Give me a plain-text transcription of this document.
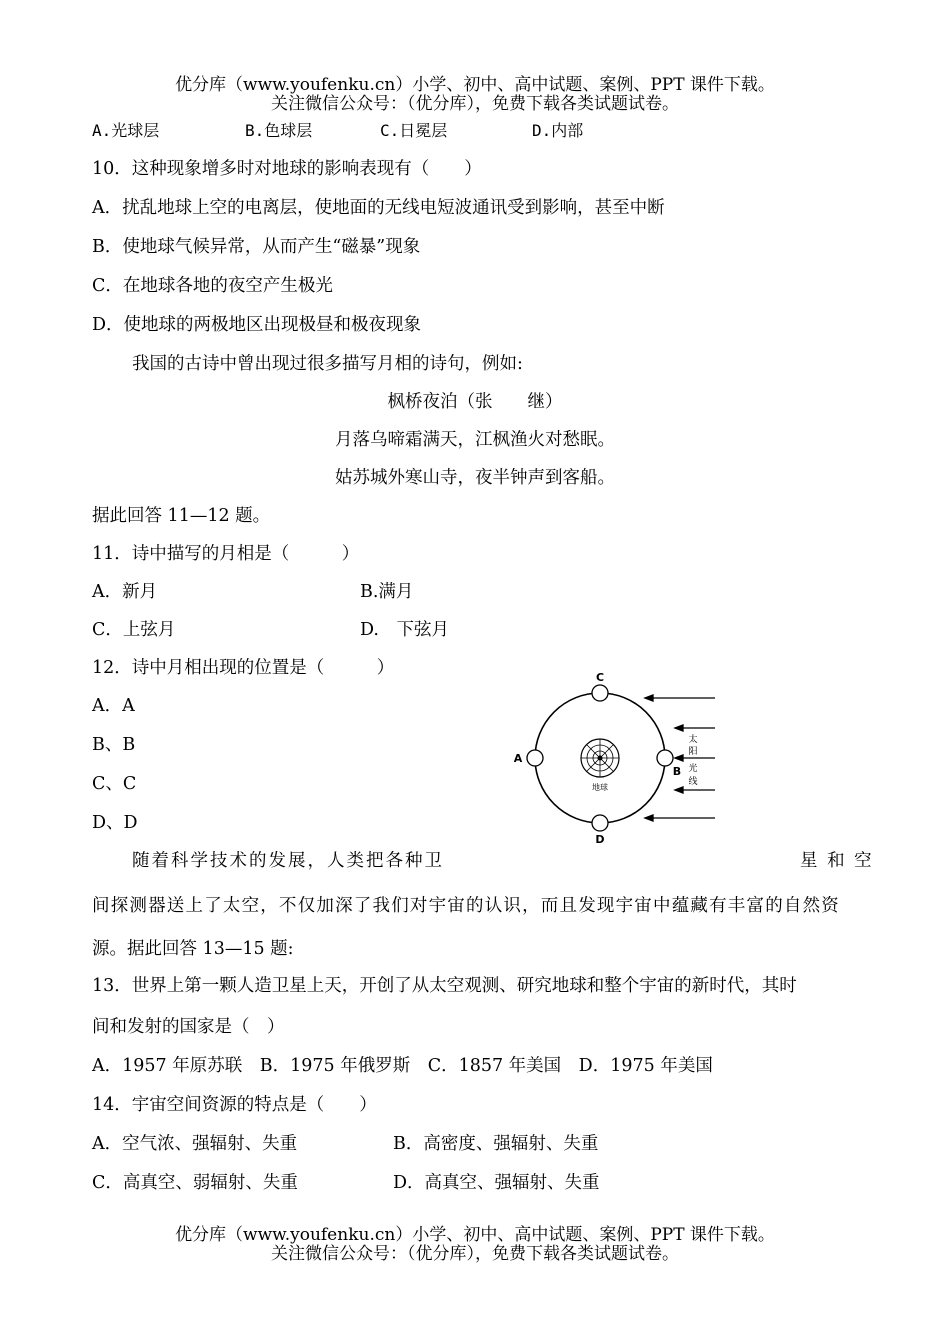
优分库（www.youfenku.cn）小学、初中、高中试题、案例、PPT 课件下载。
关注微信公众号：（优分库），免费下载各类试题试卷。
A.光球层	B.色球层	C.日冕层	D.内部
10．这种现象增多时对地球的影响表现有（　　）
A．扰乱地球上空的电离层，使地面的无线电短波通讯受到影响，甚至中断
B．使地球气候异常，从而产生“磁暴”现象
C．在地球各地的夜空产生极光
D．使地球的两极地区出现极昼和极夜现象
我国的古诗中曾出现过很多描写月相的诗句，例如:
枫桥夜泊（张　　继）
月落乌啼霜满天，江枫渔火对愁眠。
姑苏城外寒山寺，夜半钟声到客船。
据此回答 11—12 题。
11．诗中描写的月相是（　　　）
A．新月	B.满月
C．上弦月	D.　下弦月
12．诗中月相出现的位置是（　　　）
A．A
B、B
C、C
D、D
地球
C
A
B
D
太
阳
光
线
随着科学技术的发展，人类把各种卫	星 和 空
间探测器送上了太空，不仅加深了我们对宇宙的认识，而且发现宇宙中蕴藏有丰富的自然资
源。据此回答 13—15 题:
13．世界上第一颗人造卫星上天，开创了从太空观测、研究地球和整个宇宙的新时代，其时
间和发射的国家是（　）
A．1957 年原苏联　B．1975 年俄罗斯　C．1857 年美国　D．1975 年美国
14．宇宙空间资源的特点是（　　）
A．空气浓、强辐射、失重	B．高密度、强辐射、失重
C．高真空、弱辐射、失重	D．高真空、强辐射、失重
优分库（www.youfenku.cn）小学、初中、高中试题、案例、PPT 课件下载。
关注微信公众号：（优分库），免费下载各类试题试卷。
